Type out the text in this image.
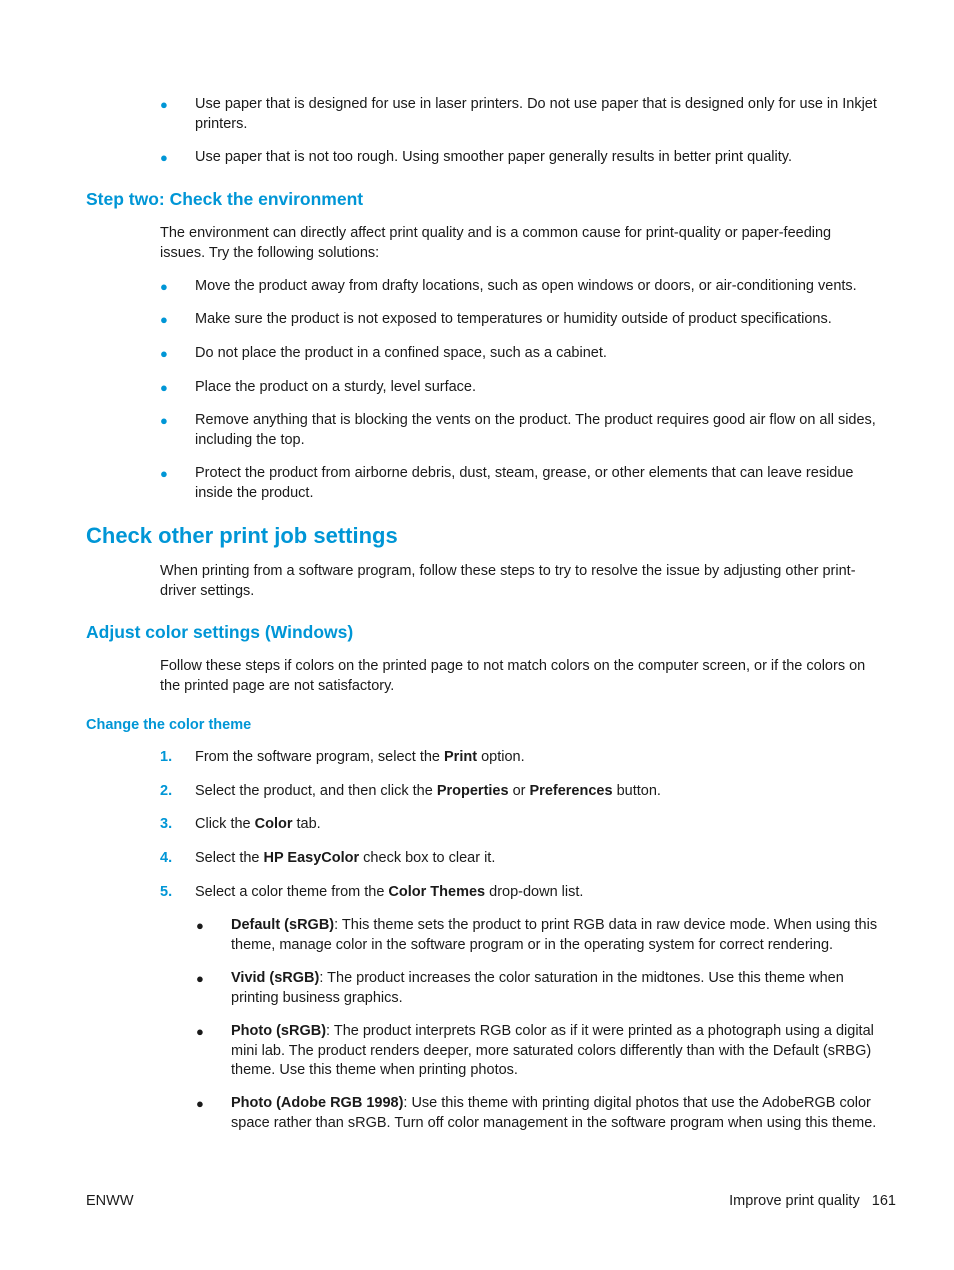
● Use paper that is designed for use in laser printers. Do not use paper that is designed only for use in Inkjet printers.
● Use paper that is not too rough. Using smoother paper generally results in better print quality.
Step two: Check the environment
The environment can directly affect print quality and is a common cause for print-quality or paper-feeding issues. Try the following solutions:
● Move the product away from drafty locations, such as open windows or doors, or air-conditioning vents.
● Make sure the product is not exposed to temperatures or humidity outside of product specifications.
● Do not place the product in a confined space, such as a cabinet.
● Place the product on a sturdy, level surface.
● Remove anything that is blocking the vents on the product. The product requires good air flow on all sides, including the top.
● Protect the product from airborne debris, dust, steam, grease, or other elements that can leave residue inside the product.
Check other print job settings
When printing from a software program, follow these steps to try to resolve the issue by adjusting other print-driver settings.
Adjust color settings (Windows)
Follow these steps if colors on the printed page to not match colors on the computer screen, or if the colors on the printed page are not satisfactory.
Change the color theme
1. From the software program, select the Print option.
2. Select the product, and then click the Properties or Preferences button.
3. Click the Color tab.
4. Select the HP EasyColor check box to clear it.
5. Select a color theme from the Color Themes drop-down list.
● Default (sRGB): This theme sets the product to print RGB data in raw device mode. When using this theme, manage color in the software program or in the operating system for correct rendering.
● Vivid (sRGB): The product increases the color saturation in the midtones. Use this theme when printing business graphics.
● Photo (sRGB): The product interprets RGB color as if it were printed as a photograph using a digital mini lab. The product renders deeper, more saturated colors differently than with the Default (sRBG) theme. Use this theme when printing photos.
● Photo (Adobe RGB 1998): Use this theme with printing digital photos that use the AdobeRGB color space rather than sRGB. Turn off color management in the software program when using this theme.
ENWW	Improve print quality 161
